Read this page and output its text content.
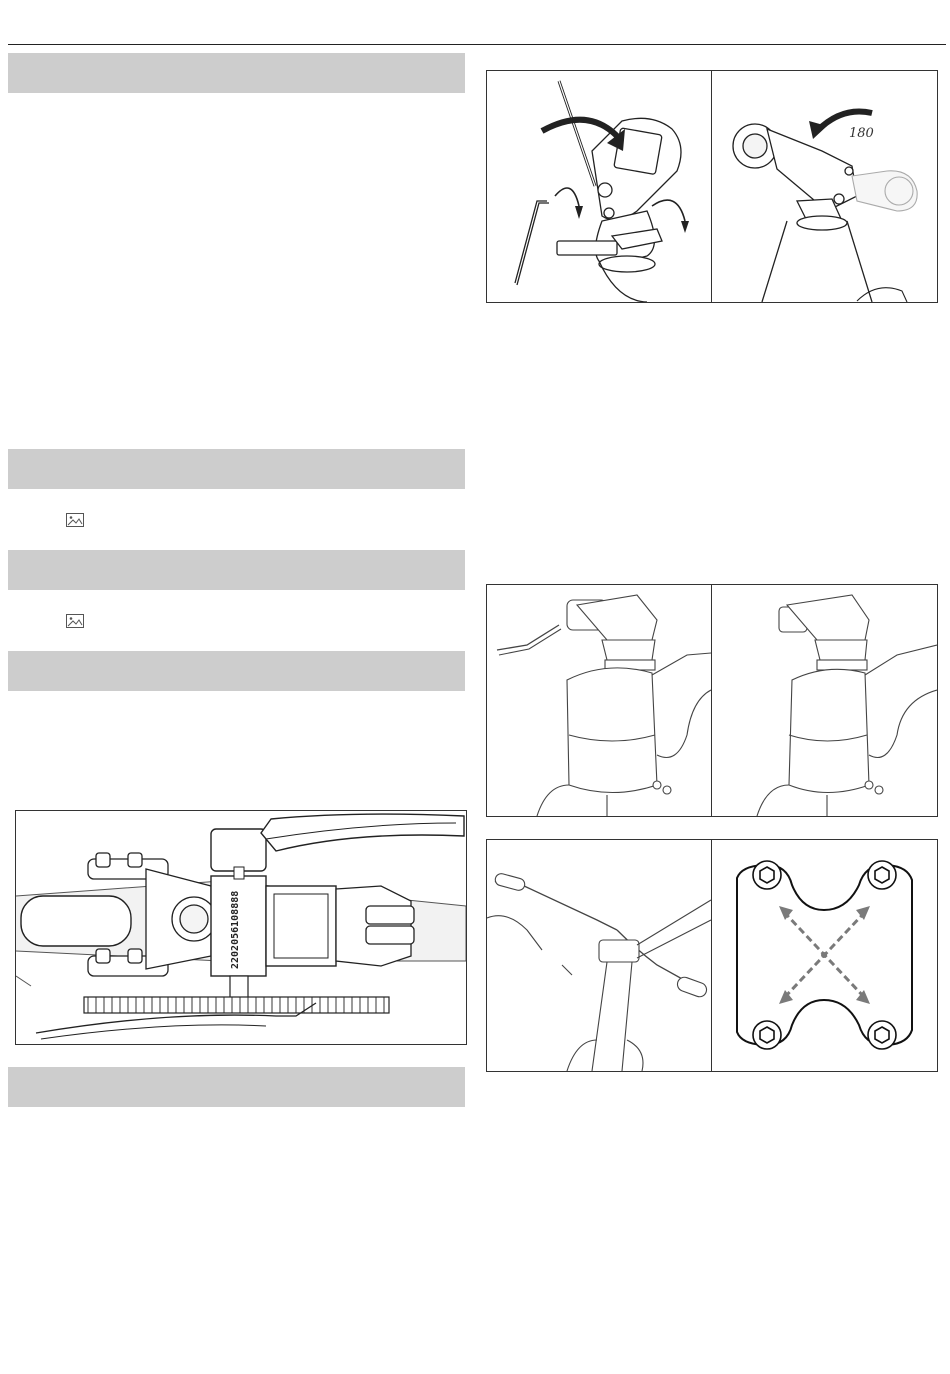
2202056108888
180
